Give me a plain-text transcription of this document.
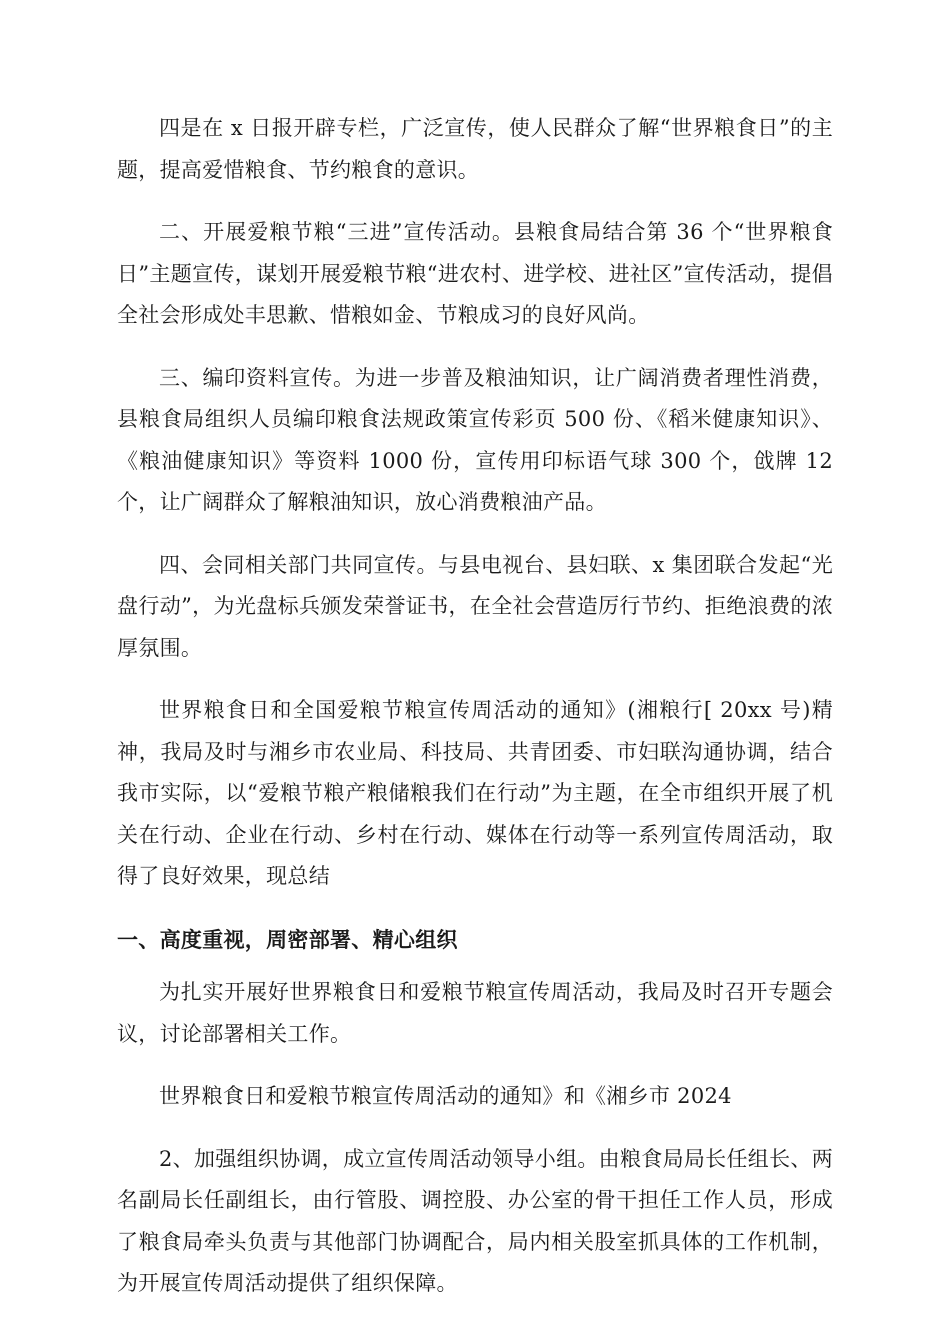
四是在 x 日报开辟专栏，广泛宣传，使人民群众了解“世界粮食日”的主题，提高爱惜粮食、节约粮食的意识。

二、开展爱粮节粮“三进”宣传活动。县粮食局结合第 36 个“世界粮食日”主题宣传，谋划开展爱粮节粮“进农村、进学校、进社区”宣传活动，提倡全社会形成处丰思歉、惜粮如金、节粮成习的良好风尚。

三、编印资料宣传。为进一步普及粮油知识，让广阔消费者理性消费，县粮食局组织人员编印粮食法规政策宣传彩页 500 份、《稻米健康知识》、《粮油健康知识》等资料 1000 份，宣传用印标语气球 300 个，戗牌 12 个，让广阔群众了解粮油知识，放心消费粮油产品。

四、会同相关部门共同宣传。与县电视台、县妇联、x 集团联合发起“光盘行动”，为光盘标兵颁发荣誉证书，在全社会营造厉行节约、拒绝浪费的浓厚氛围。

世界粮食日和全国爱粮节粮宣传周活动的通知》(湘粮行[ 20xx 号)精神，我局及时与湘乡市农业局、科技局、共青团委、市妇联沟通协调，结合我市实际，以“爱粮节粮产粮储粮我们在行动”为主题，在全市组织开展了机关在行动、企业在行动、乡村在行动、媒体在行动等一系列宣传周活动，取得了良好效果，现总结

一、高度重视，周密部署、精心组织

为扎实开展好世界粮食日和爱粮节粮宣传周活动，我局及时召开专题会议，讨论部署相关工作。

世界粮食日和爱粮节粮宣传周活动的通知》和《湘乡市 2024

2、加强组织协调，成立宣传周活动领导小组。由粮食局局长任组长、两名副局长任副组长，由行管股、调控股、办公室的骨干担任工作人员，形成了粮食局牵头负责与其他部门协调配合，局内相关股室抓具体的工作机制，为开展宣传周活动提供了组织保障。
